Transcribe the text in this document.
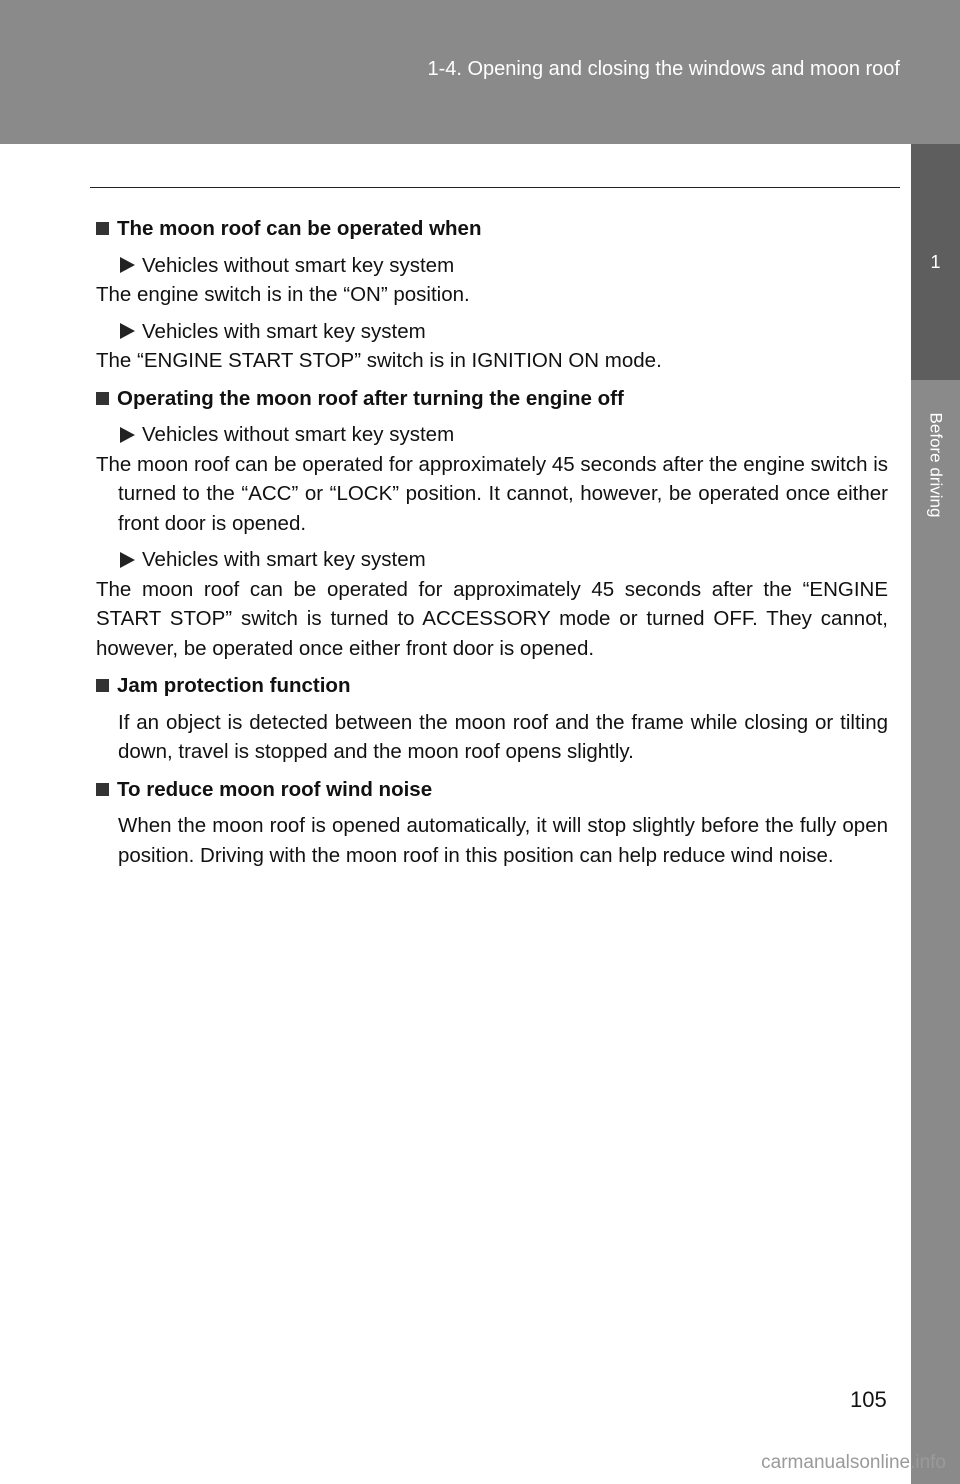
1-4. Opening and closing the windows and moon roof
1
Before driving
The moon roof can be operated when
Vehicles without smart key system
The engine switch is in the “ON” position.
Vehicles with smart key system
The “ENGINE START STOP” switch is in IGNITION ON mode.
Operating the moon roof after turning the engine off
Vehicles without smart key system
The moon roof can be operated for approximately 45 seconds after the engine switch is turned to the “ACC” or “LOCK” position. It cannot, however, be operated once either front door is opened.
Vehicles with smart key system
The moon roof can be operated for approximately 45 seconds after the “ENGINE START STOP” switch is turned to ACCESSORY mode or turned OFF. They cannot, however, be operated once either front door is opened.
Jam protection function
If an object is detected between the moon roof and the frame while closing or tilting down, travel is stopped and the moon roof opens slightly.
To reduce moon roof wind noise
When the moon roof is opened automatically, it will stop slightly before the fully open position. Driving with the moon roof in this position can help reduce wind noise.
105
carmanualsonline.info
